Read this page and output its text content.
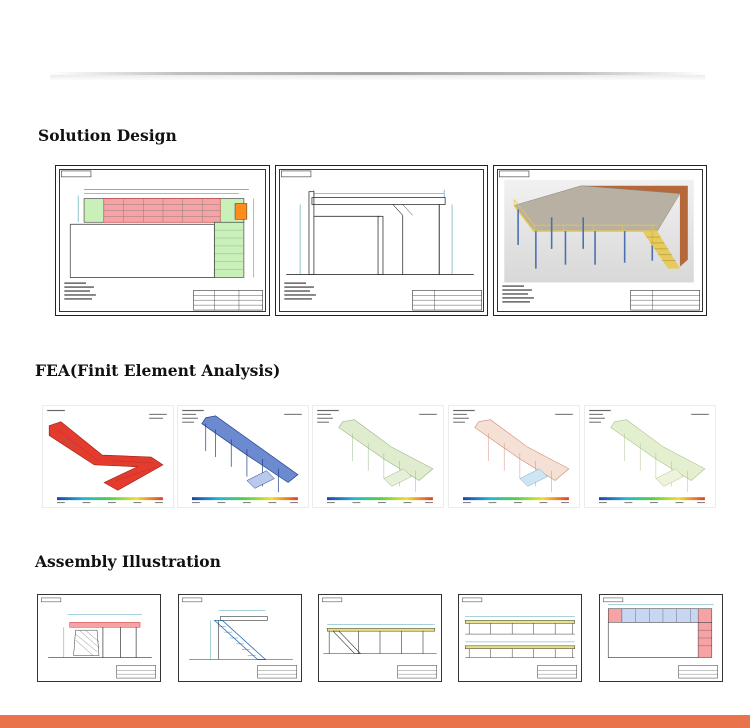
Solution Design
FEA(Finit Element Analysis)
Assembly Illustration
